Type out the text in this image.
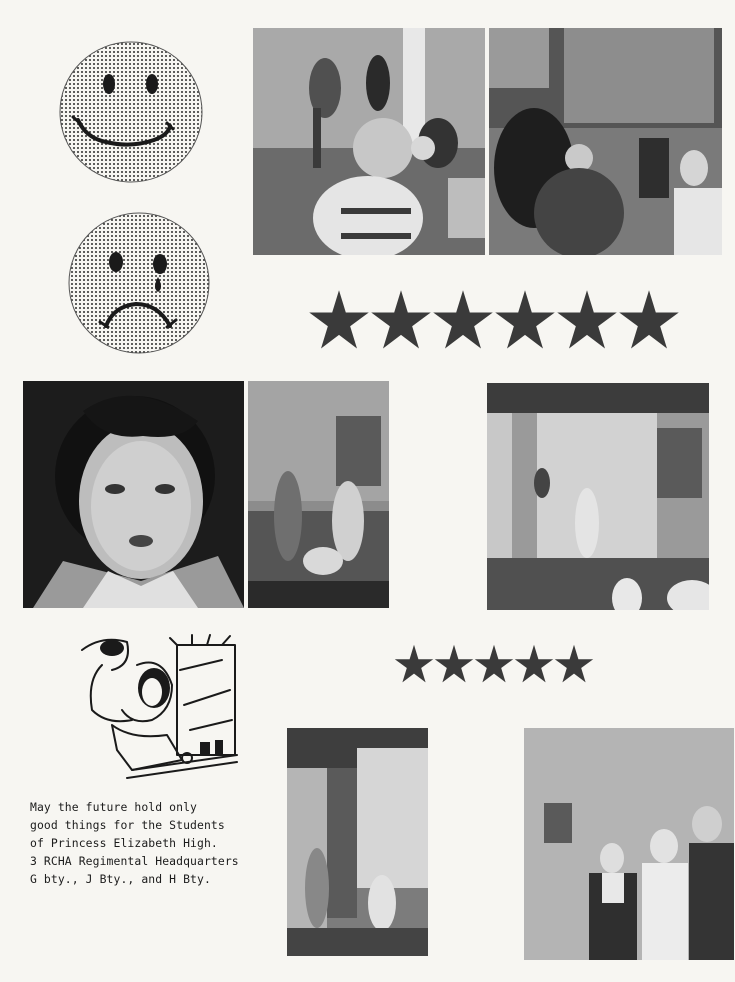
May the future hold only
good things for the Students
of Princess Elizabeth High.
3 RCHA Regimental Headquarters
G bty., J Bty., and H Bty.
